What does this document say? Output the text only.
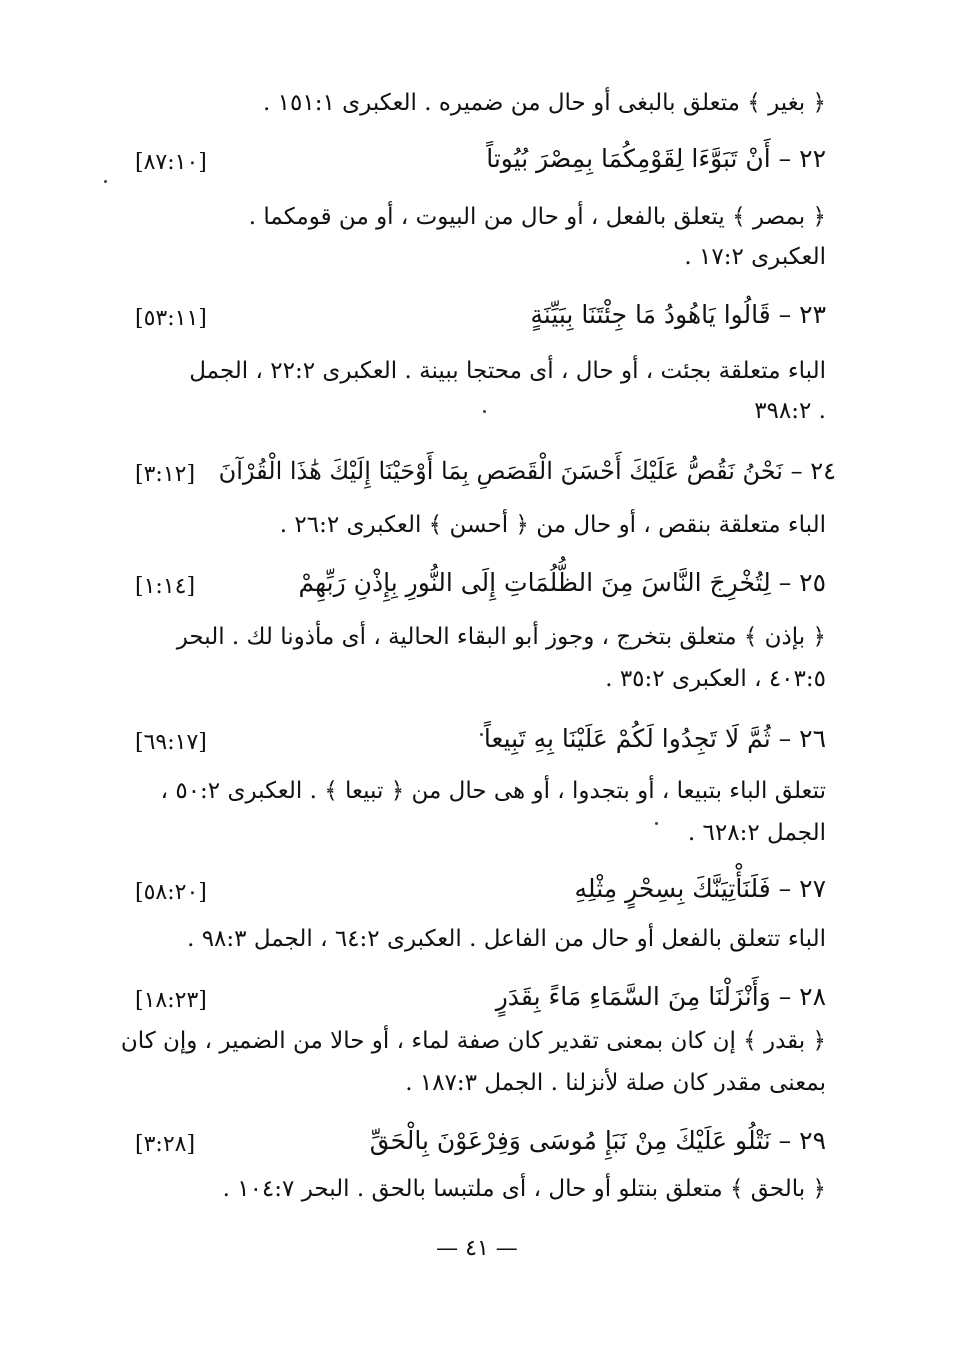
﴿ بغير ﴾ متعلق بالبغى أو حال من ضميره . العكبرى ١٥١:١ .
٢٢ – أَنْ تَبَوَّءَا لِقَوْمِكُمَا بِمِصْرَ بُيُوتاً
[٨٧:١٠]
﴿ بمصر ﴾ يتعلق بالفعل ، أو حال من البيوت ، أو من قومكما .
العكبرى ١٧:٢ .
٢٣ – قَالُوا يَاهُودُ مَا جِئْتَنَا بِبَيِّنَةٍ
[٥٣:١١]
الباء متعلقة بجئت ، أو حال ، أى محتجا ببينة . العكبرى ٢٢:٢ ، الجمل
. ٣٩٨:٢
٢٤ – نَحْنُ نَقُصُّ عَلَيْكَ أَحْسَنَ الْقَصَصِ بِمَا أَوْحَيْنَا إِلَيْكَ هَٰذَا الْقُرْآنَ
[٣:١٢]
الباء متعلقة بنقص ، أو حال من ﴿ أحسن ﴾ العكبرى ٢٦:٢ .
٢٥ – لِتُخْرِجَ النَّاسَ مِنَ الظُّلُمَاتِ إِلَى النُّورِ بِإِذْنِ رَبِّهِمْ
[١:١٤]
﴿ بإذن ﴾ متعلق بتخرج ، وجوز أبو البقاء الحالية ، أى مأذونا لك . البحر
٤٠٣:٥ ، العكبرى ٣٥:٢ .
٢٦ – ثُمَّ لَا تَجِدُوا لَكُمْ عَلَيْنَا بِهِ تَبِيعاً
[٦٩:١٧]
تتعلق الباء بتبيعا ، أو بتجدوا ، أو هى حال من ﴿ تبيعا ﴾ . العكبرى ٥٠:٢ ،
الجمل ٦٢٨:٢ .
٢٧ – فَلَنَأْتِيَنَّكَ بِسِحْرٍ مِثْلِهِ
[٥٨:٢٠]
الباء تتعلق بالفعل أو حال من الفاعل . العكبرى ٦٤:٢ ، الجمل ٩٨:٣ .
٢٨ – وَأَنْزَلْنَا مِنَ السَّمَاءِ مَاءً بِقَدَرٍ
[١٨:٢٣]
﴿ بقدر ﴾ إن كان بمعنى تقدير كان صفة لماء ، أو حالا من الضمير ، وإن كان
بمعنى مقدر كان صلة لأنزلنا . الجمل ١٨٧:٣ .
٢٩ – نَتْلُو عَلَيْكَ مِنْ نَبَإِ مُوسَى وَفِرْعَوْنَ بِالْحَقِّ
[٣:٢٨]
﴿ بالحق ﴾ متعلق بنتلو أو حال ، أى ملتبسا بالحق . البحر ١٠٤:٧ .
— ٤١ —
